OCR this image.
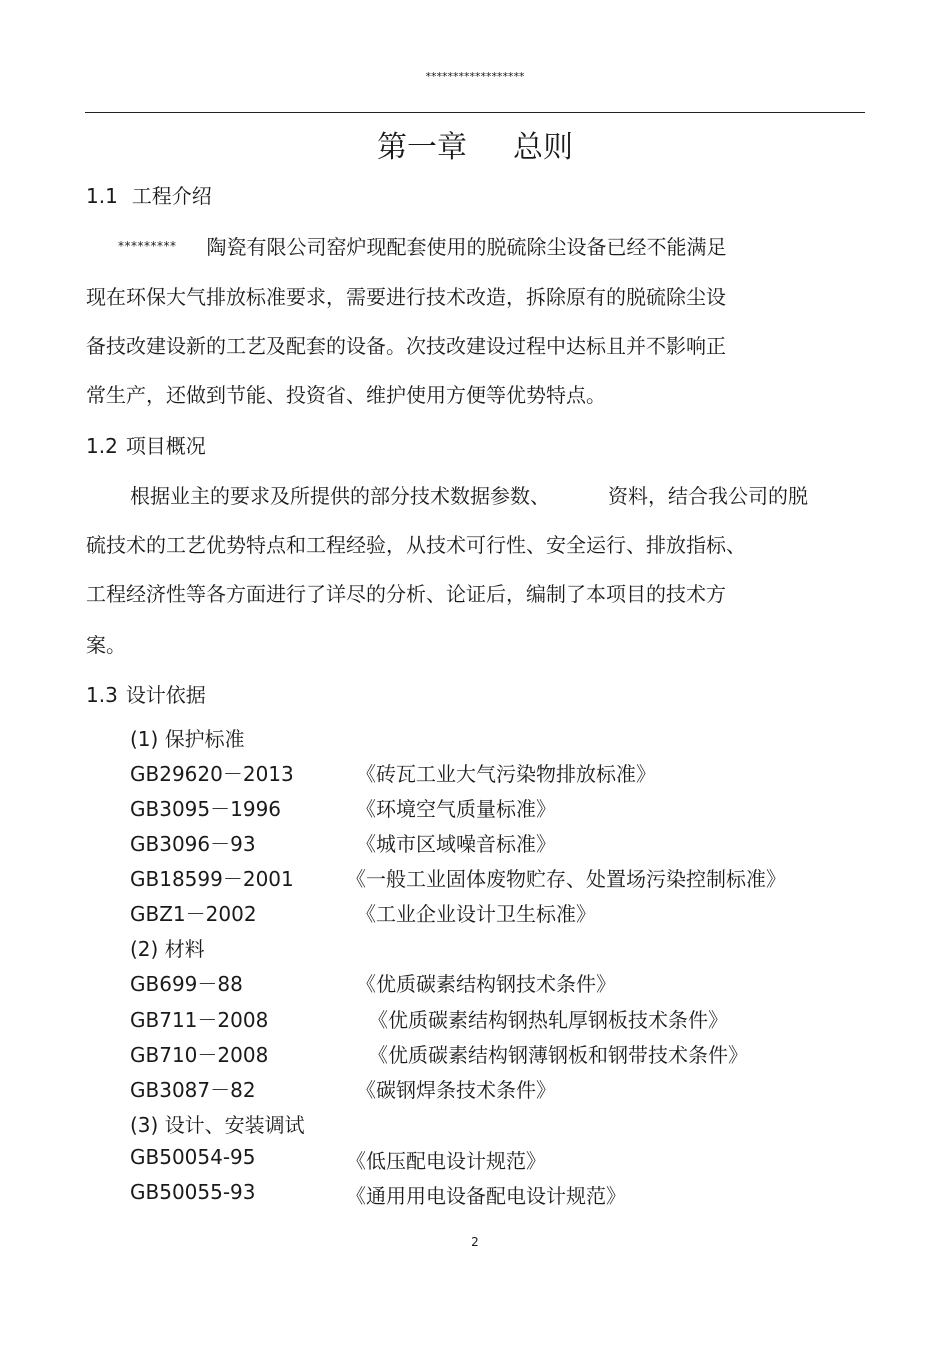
******************
第一章 总则
1.1 工程介绍
********* 陶瓷有限公司窑炉现配套使用的脱硫除尘设备已经不能满足
现在环保大气排放标准要求，需要进行技术改造，拆除原有的脱硫除尘设
备技改建设新的工艺及配套的设备。次技改建设过程中达标且并不影响正
常生产，还做到节能、投资省、维护使用方便等优势特点。
1.2 项目概况
根据业主的要求及所提供的部分技术数据参数、	资料，结合我公司的脱
硫技术的工艺优势特点和工程经验，从技术可行性、安全运行、排放指标、
工程经济性等各方面进行了详尽的分析、论证后，编制了本项目的技术方
案。
1.3 设计依据
(1) 保护标准
GB29620－2013	《砖瓦工业大气污染物排放标准》
GB3095－1996	《环境空气质量标准》
GB3096－93	《城市区域噪音标准》
GB18599－2001	《一般工业固体废物贮存、处置场污染控制标准》
GBZ1－2002	《工业企业设计卫生标准》
(2) 材料
GB699－88	《优质碳素结构钢技术条件》
GB711－2008	《优质碳素结构钢热轧厚钢板技术条件》
GB710－2008	《优质碳素结构钢薄钢板和钢带技术条件》
GB3087－82	《碳钢焊条技术条件》
(3) 设计、安装调试
GB50054-95	《低压配电设计规范》
GB50055-93	《通用用电设备配电设计规范》
2
